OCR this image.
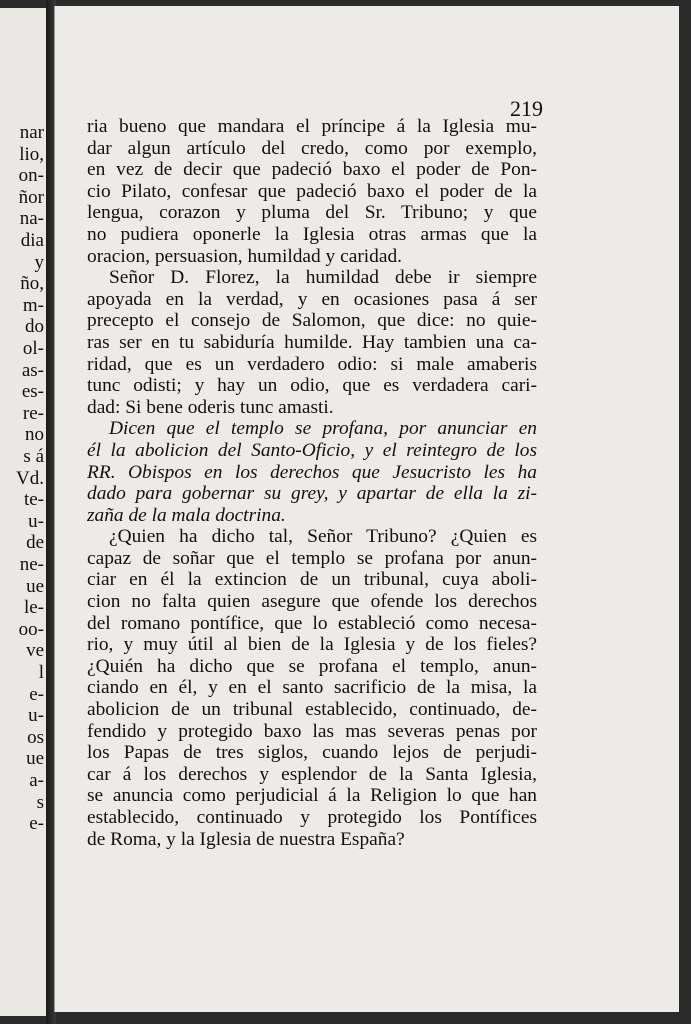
nar
lio,
on-
ñor
na-
dia
y
ño,
m-
do
ol-
as-
es-
re-
no
s á
Vd.
te-
u-
de
ne-
ue
le-
oo-
ve
l
e-
u-
os
ue
a-
s
e-
219
ria bueno que mandara el príncipe á la Iglesia mu-
dar algun artículo del credo, como por exemplo,
en vez de decir que padeció baxo el poder de Pon-
cio Pilato, confesar que padeció baxo el poder de la
lengua, corazon y pluma del Sr. Tribuno; y que
no pudiera oponerle la Iglesia otras armas que la
oracion, persuasion, humildad y caridad.
Señor D. Florez, la humildad debe ir siempre
apoyada en la verdad, y en ocasiones pasa á ser
precepto el consejo de Salomon, que dice: no quie-
ras ser en tu sabiduría humilde. Hay tambien una ca-
ridad, que es un verdadero odio: si male amaberis
tunc odisti; y hay un odio, que es verdadera cari-
dad: Si bene oderis tunc amasti.
Dicen que el templo se profana, por anunciar en
él la abolicion del Santo-Oficio, y el reintegro de los
RR. Obispos en los derechos que Jesucristo les ha
dado para gobernar su grey, y apartar de ella la zi-
zaña de la mala doctrina.
¿Quien ha dicho tal, Señor Tribuno? ¿Quien es
capaz de soñar que el templo se profana por anun-
ciar en él la extincion de un tribunal, cuya aboli-
cion no falta quien asegure que ofende los derechos
del romano pontífice, que lo estableció como necesa-
rio, y muy útil al bien de la Iglesia y de los fieles?
¿Quién ha dicho que se profana el templo, anun-
ciando en él, y en el santo sacrificio de la misa, la
abolicion de un tribunal establecido, continuado, de-
fendido y protegido baxo las mas severas penas por
los Papas de tres siglos, cuando lejos de perjudi-
car á los derechos y esplendor de la Santa Iglesia,
se anuncia como perjudicial á la Religion lo que han
establecido, continuado y protegido los Pontífices
de Roma, y la Iglesia de nuestra España?
